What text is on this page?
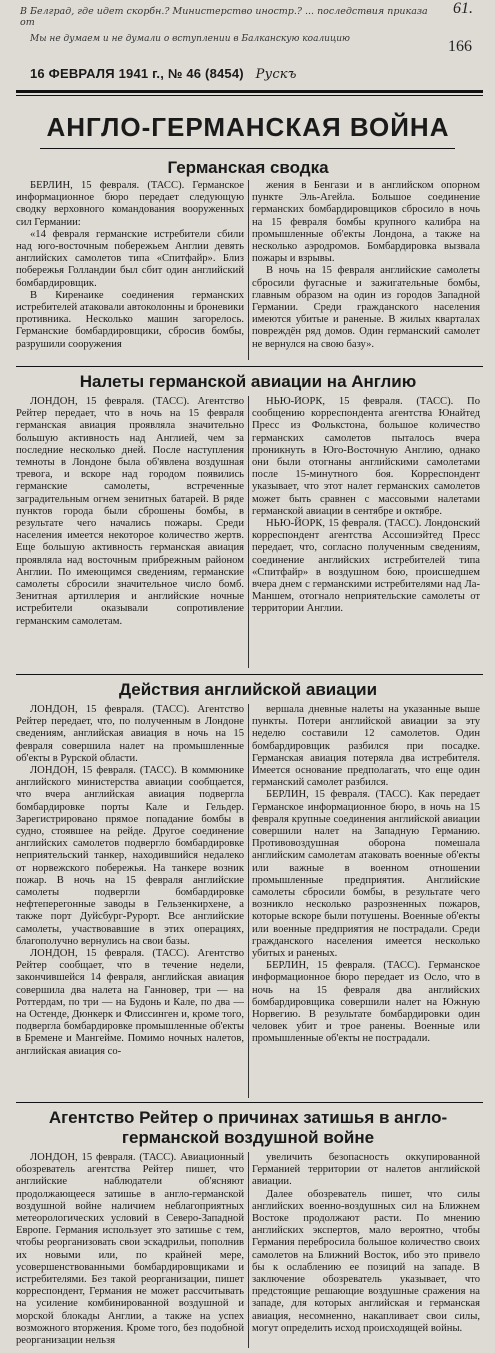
61.
166
В Белград, где идет скорбн.? Министерство иностр.? ... последствия приказа от
Мы не думаем и не думали о вступлении в Балканскую коалицию
16 ФЕВРАЛЯ 1941 г., № 46 (8454) Рускъ
АНГЛО-ГЕРМАНСКАЯ ВОЙНА
Германская сводка

БЕРЛИН, 15 февраля. (ТАСС). Германское информационное бюро передает следующую сводку верховного командования вооруженных сил Германии:

«14 февраля германские истребители сбили над юго-восточным побережьем Англии девять английских самолетов типа «Спитфайр». Близ побережья Голландии был сбит один английский бомбардировщик.

В Киренаике соединения германских истребителей атаковали автоколонны и броневики противника. Несколько машин загорелось. Германские бомбардировщики, сбросив бомбы, разрушили сооружения

жения в Бенгази и в английском опорном пункте Эль-Агейла. Большое соединение германских бомбардировщиков сбросило в ночь на 15 февраля бомбы крупного калибра на промышленные об'екты Лондона, а также на несколько аэродромов. Бомбардировка вызвала пожары и взрывы.

В ночь на 15 февраля английские самолеты сбросили фугасные и зажигательные бомбы, главным образом на один из городов Западной Германии. Среди гражданского населения имеются убитые и раненые. В жилых кварталах повреждён ряд домов. Один германский самолет не вернулся на свою базу».

Налеты германской авиации на Англию

ЛОНДОН, 15 февраля. (ТАСС). Агентство Рейтер передает, что в ночь на 15 февраля германская авиация проявляла значительно большую активность над Англией, чем за последние несколько дней. После наступления темноты в Лондоне была об'явлена воздушная тревога, и вскоре над городом появились германские самолеты, встреченные заградительным огнем зенитных батарей. В ряде пунктов города были сброшены бомбы, в результате чего начались пожары. Среди населения имеется некоторое количество жертв. Еще большую активность германская авиация проявляла над восточным прибрежным районом Англии. По имеющимся сведениям, германские самолеты сбросили значительное число бомб. Зенитная артиллерия и английские ночные истребители оказывали сопротивление германским самолетам.

НЬЮ-ЙОРК, 15 февраля. (ТАСС). По сообщению корреспондента агентства Юнайтед Пресс из Фолькстона, большое количество германских самолетов пыталось вчера проникнуть в Юго-Восточную Англию, однако они были отогнаны английскими самолетами после 15-минутного боя. Корреспондент указывает, что этот налет германских самолетов может быть сравнен с массовыми налетами германской авиации в сентябре и октябре.

НЬЮ-ЙОРК, 15 февраля. (ТАСС). Лондонский корреспондент агентства Ассошиэйтед Пресс передает, что, согласно полученным сведениям, соединение английских истребителей типа «Спитфайр» в воздушном бою, происшедшем вчера днем с германскими истребителями над Ла-Маншем, отогнало неприятельские самолеты от территории Англии.

Действия английской авиации

ЛОНДОН, 15 февраля. (ТАСС). Агентство Рейтер передает, что, по полученным в Лондоне сведениям, английская авиация в ночь на 15 февраля совершила налет на промышленные об'екты в Рурской области.

ЛОНДОН, 15 февраля. (ТАСС). В коммюнике английского министерства авиации сообщается, что вчера английская авиация подвергла бомбардировке порты Кале и Гельдер. Зарегистрировано прямое попадание бомбы в судно, стоявшее на рейде. Другое соединение английских самолетов подвергло бомбардировке неприятельский танкер, находившийся недалеко от норвежского побережья. На танкере возник пожар. В ночь на 15 февраля английские самолеты подвергли бомбардировке нефтеперегонные заводы в Гельзенкирхене, а также порт Дуйсбург-Рурорт. Все английские самолеты, участвовавшие в этих операциях, благополучно вернулись на свои базы.

ЛОНДОН, 15 февраля. (ТАСС). Агентство Рейтер сообщает, что в течение недели, закончившейся 14 февраля, английская авиация совершила два налета на Ганновер, три — на Роттердам, по три — на Будонь и Кале, по два — на Остенде, Дюнкерк и Флиссинген и, кроме того, подвергла бомбардировке промышленные об'екты в Бремене и Мангейме. Помимо ночных налетов, английская авиация со-

вершала дневные налеты на указанные выше пункты. Потери английской авиации за эту неделю составили 12 самолетов. Один бомбардировщик разбился при посадке. Германская авиация потеряла два истребителя. Имеется основание предполагать, что еще один германский самолет разбился.

БЕРЛИН, 15 февраля. (ТАСС). Как передает Германское информационное бюро, в ночь на 15 февраля крупные соединения английской авиации совершили налет на Западную Германию. Противовоздушная оборона помешала английским самолетам атаковать военные об'екты или важные в военном отношении промышленные предприятия. Английские самолеты сбросили бомбы, в результате чего возникло несколько разрозненных пожаров, которые вскоре были потушены. Военные об'екты или военные предприятия не пострадали. Среди гражданского населения имеется несколько убитых и раненых.

БЕРЛИН, 15 февраля. (ТАСС). Германское информационное бюро передает из Осло, что в ночь на 15 февраля два английских бомбардировщика совершили налет на Южную Норвегию. В результате бомбардировки один человек убит и трое ранены. Военные или промышленные об'екты не пострадали.

Агентство Рейтер о причинах затишья в англо-германской воздушной войне

ЛОНДОН, 15 февраля. (ТАСС). Авиационный обозреватель агентства Рейтер пишет, что английские наблюдатели об'ясняют продолжающееся затишье в англо-германской воздушной войне наличием неблагоприятных метеорологических условий в Северо-Западной Европе. Германия использует это затишье с тем, чтобы реорганизовать свои эскадрильи, пополнив их новыми или, по крайней мере, усовершенствованными бомбардировщиками и истребителями. Без такой реорганизации, пишет корреспондент, Германия не может рассчитывать на усиление комбинированной воздушной и морской блокады Англии, а также на успех возможного вторжения. Кроме того, без подобной реорганизации нельзя

увеличить безопасность оккупированной Германией территории от налетов английской авиации.

Далее обозреватель пишет, что силы английских военно-воздушных сил на Ближнем Востоке продолжают расти. По мнению английских экспертов, мало вероятно, чтобы Германия перебросила большое количество своих самолетов на Ближний Восток, ибо это привело бы к ослаблению ее позиций на западе. В заключение обозреватель указывает, что предстоящие решающие воздушные сражения на западе, для которых английская и германская авиация, несомненно, накапливает свои силы, могут определить исход происходящей войны.
